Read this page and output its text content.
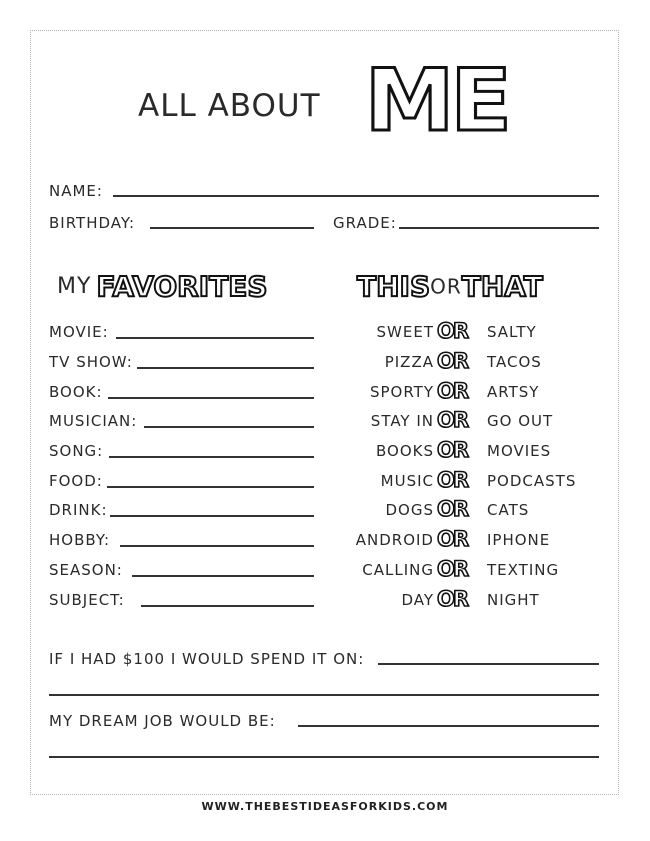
ALL ABOUT ME
NAME:
BIRTHDAY:	GRADE:
MY FAVORITES	THISORTHAT
MOVIE:
TV SHOW:
BOOK:
MUSICIAN:
SONG:
FOOD:
DRINK:
HOBBY:
SEASON:
SUBJECT:
SWEET OR SALTY
PIZZA OR TACOS
SPORTY OR ARTSY
STAY IN OR GO OUT
BOOKS OR MOVIES
MUSIC OR PODCASTS
DOGS OR CATS
ANDROID OR IPHONE
CALLING OR TEXTING
DAY OR NIGHT
IF I HAD $100 I WOULD SPEND IT ON:
MY DREAM JOB WOULD BE:
WWW.THEBESTIDEASFORKIDS.COM
